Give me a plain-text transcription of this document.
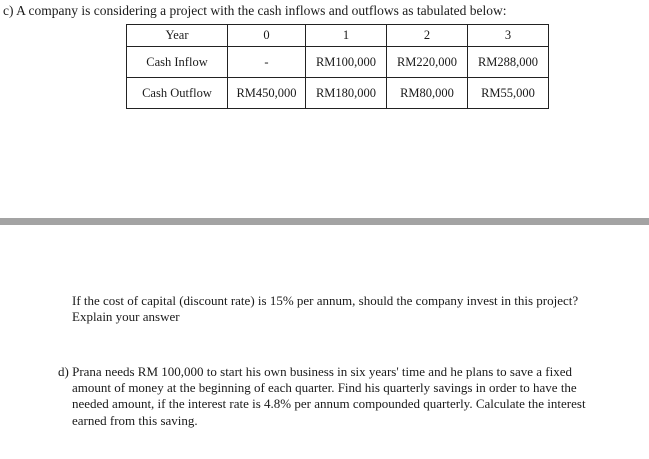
c) A company is considering a project with the cash inflows and outflows as tabulated below:
Year	0	1	2	3
Cash Inflow	-	RM100,000	RM220,000	RM288,000
Cash Outflow	RM450,000	RM180,000	RM80,000	RM55,000
If the cost of capital (discount rate) is 15% per annum, should the company invest in this project? Explain your answer
d) Prana needs RM 100,000 to start his own business in six years' time and he plans to save a fixed amount of money at the beginning of each quarter. Find his quarterly savings in order to have the needed amount, if the interest rate is 4.8% per annum compounded quarterly. Calculate the interest earned from this saving.
